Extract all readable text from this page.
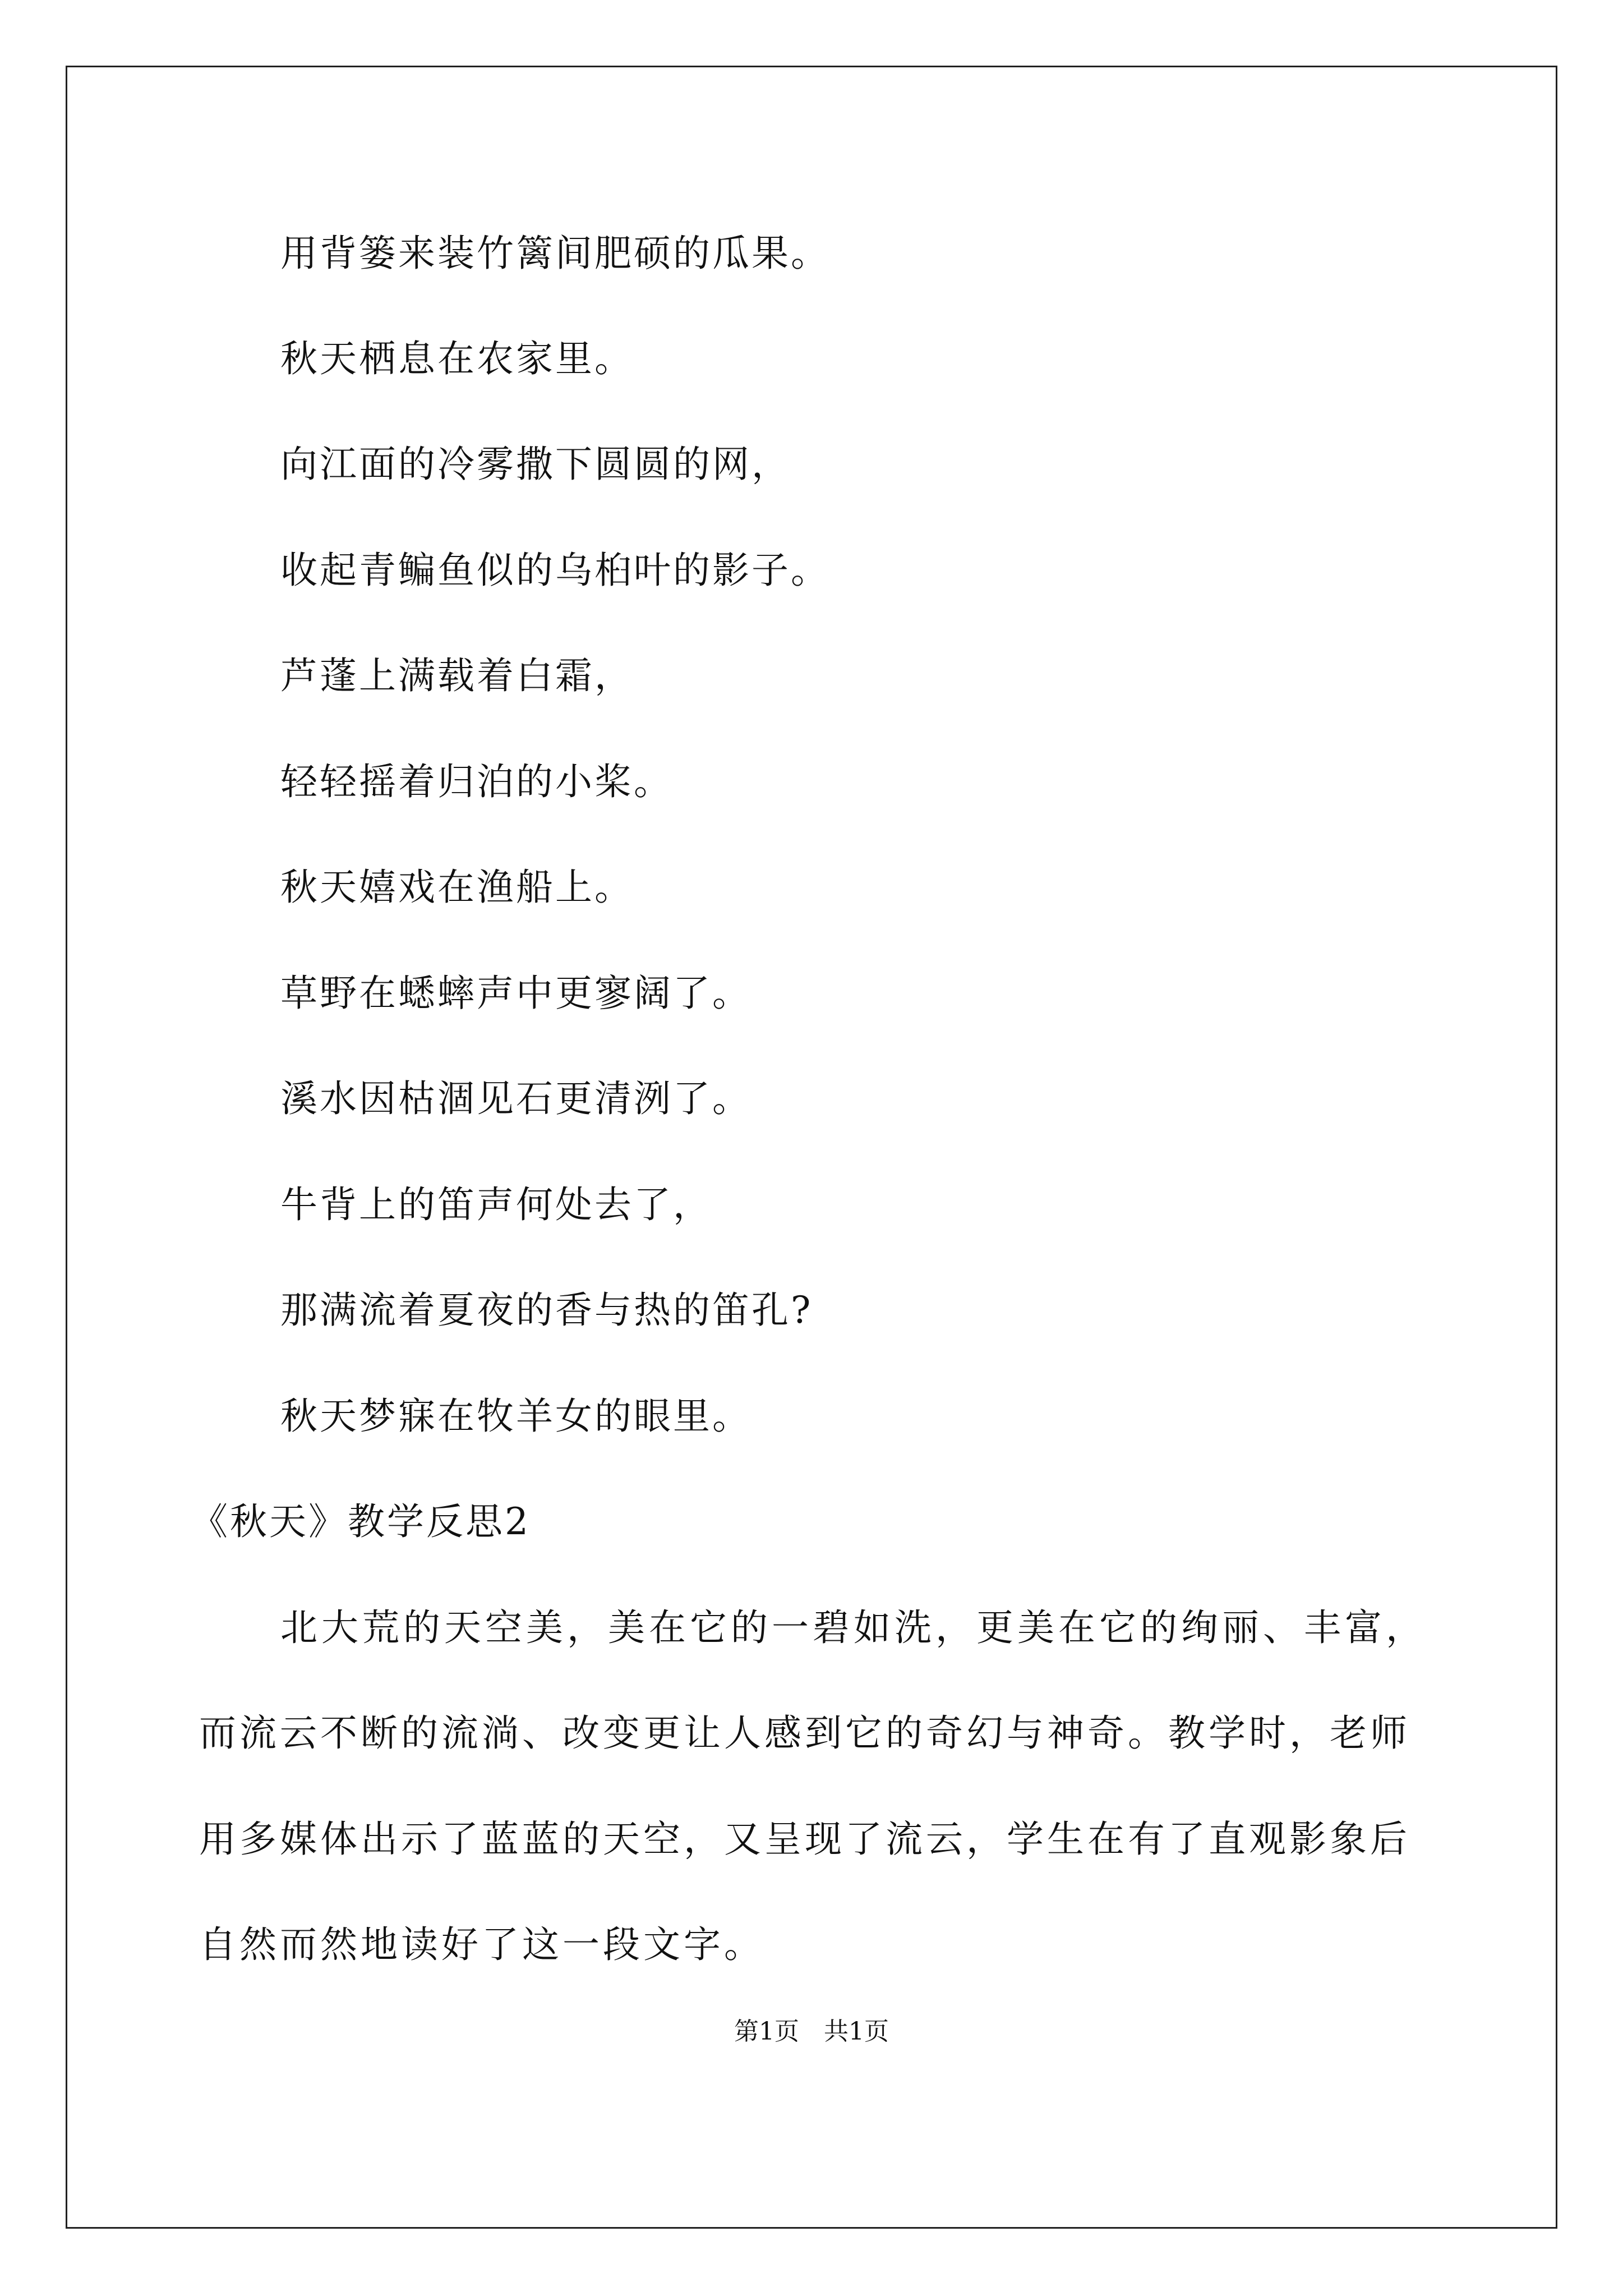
用背篓来装竹篱间肥硕的瓜果。
秋天栖息在农家里。
向江面的冷雾撒下圆圆的网，
收起青鳊鱼似的乌桕叶的影子。
芦蓬上满载着白霜，
轻轻摇着归泊的小桨。
秋天嬉戏在渔船上。
草野在蟋蟀声中更寥阔了。
溪水因枯涸见石更清洌了。
牛背上的笛声何处去了，
那满流着夏夜的香与热的笛孔?
秋天梦寐在牧羊女的眼里。
《秋天》教学反思2
北大荒的天空美，美在它的一碧如洗，更美在它的绚丽、丰富，
而流云不断的流淌、改变更让人感到它的奇幻与神奇。教学时，老师
用多媒体出示了蓝蓝的天空，又呈现了流云，学生在有了直观影象后
自然而然地读好了这一段文字。
第1页　共1页
